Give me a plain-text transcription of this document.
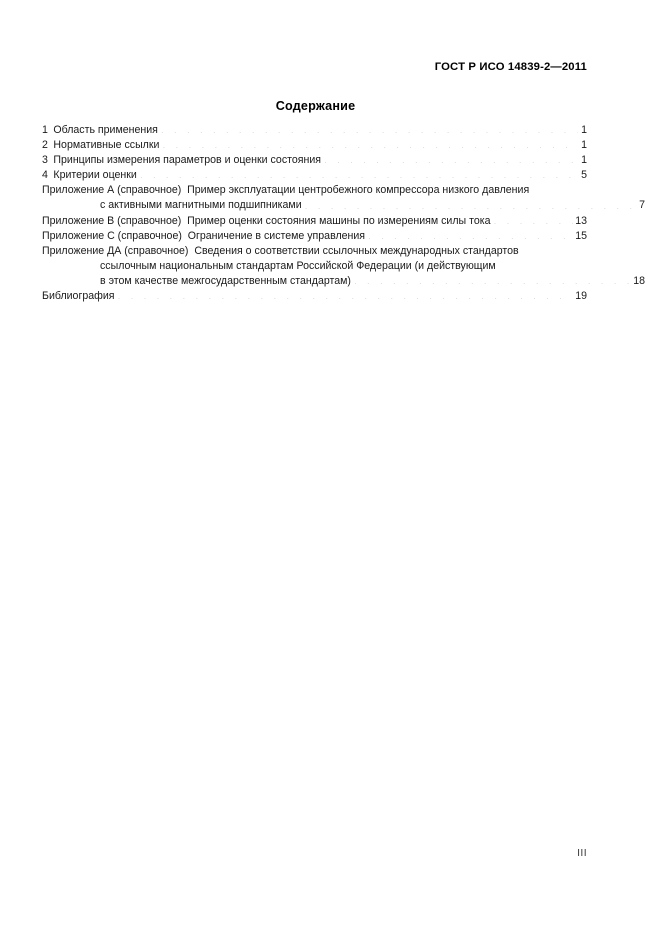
ГОСТ Р ИСО 14839-2—2011
Содержание
1 Область применения . . .	1
2 Нормативные ссылки . . .	1
3 Принципы измерения параметров и оценки состояния . . .	1
4 Критерии оценки . . .	5
Приложение А (справочное)  Пример эксплуатации центробежного компрессора низкого давления
с активными магнитными подшипниками . . .	7
Приложение В (справочное)  Пример оценки состояния машины по измерениям силы тока . . .	13
Приложение С (справочное)  Ограничение в системе управления . . .	15
Приложение ДА (справочное)  Сведения о соответствии ссылочных международных стандартов
ссылочным национальным стандартам Российской Федерации (и действующим
в этом качестве межгосударственным стандартам) . . .	18
Библиография . . .	19
III
